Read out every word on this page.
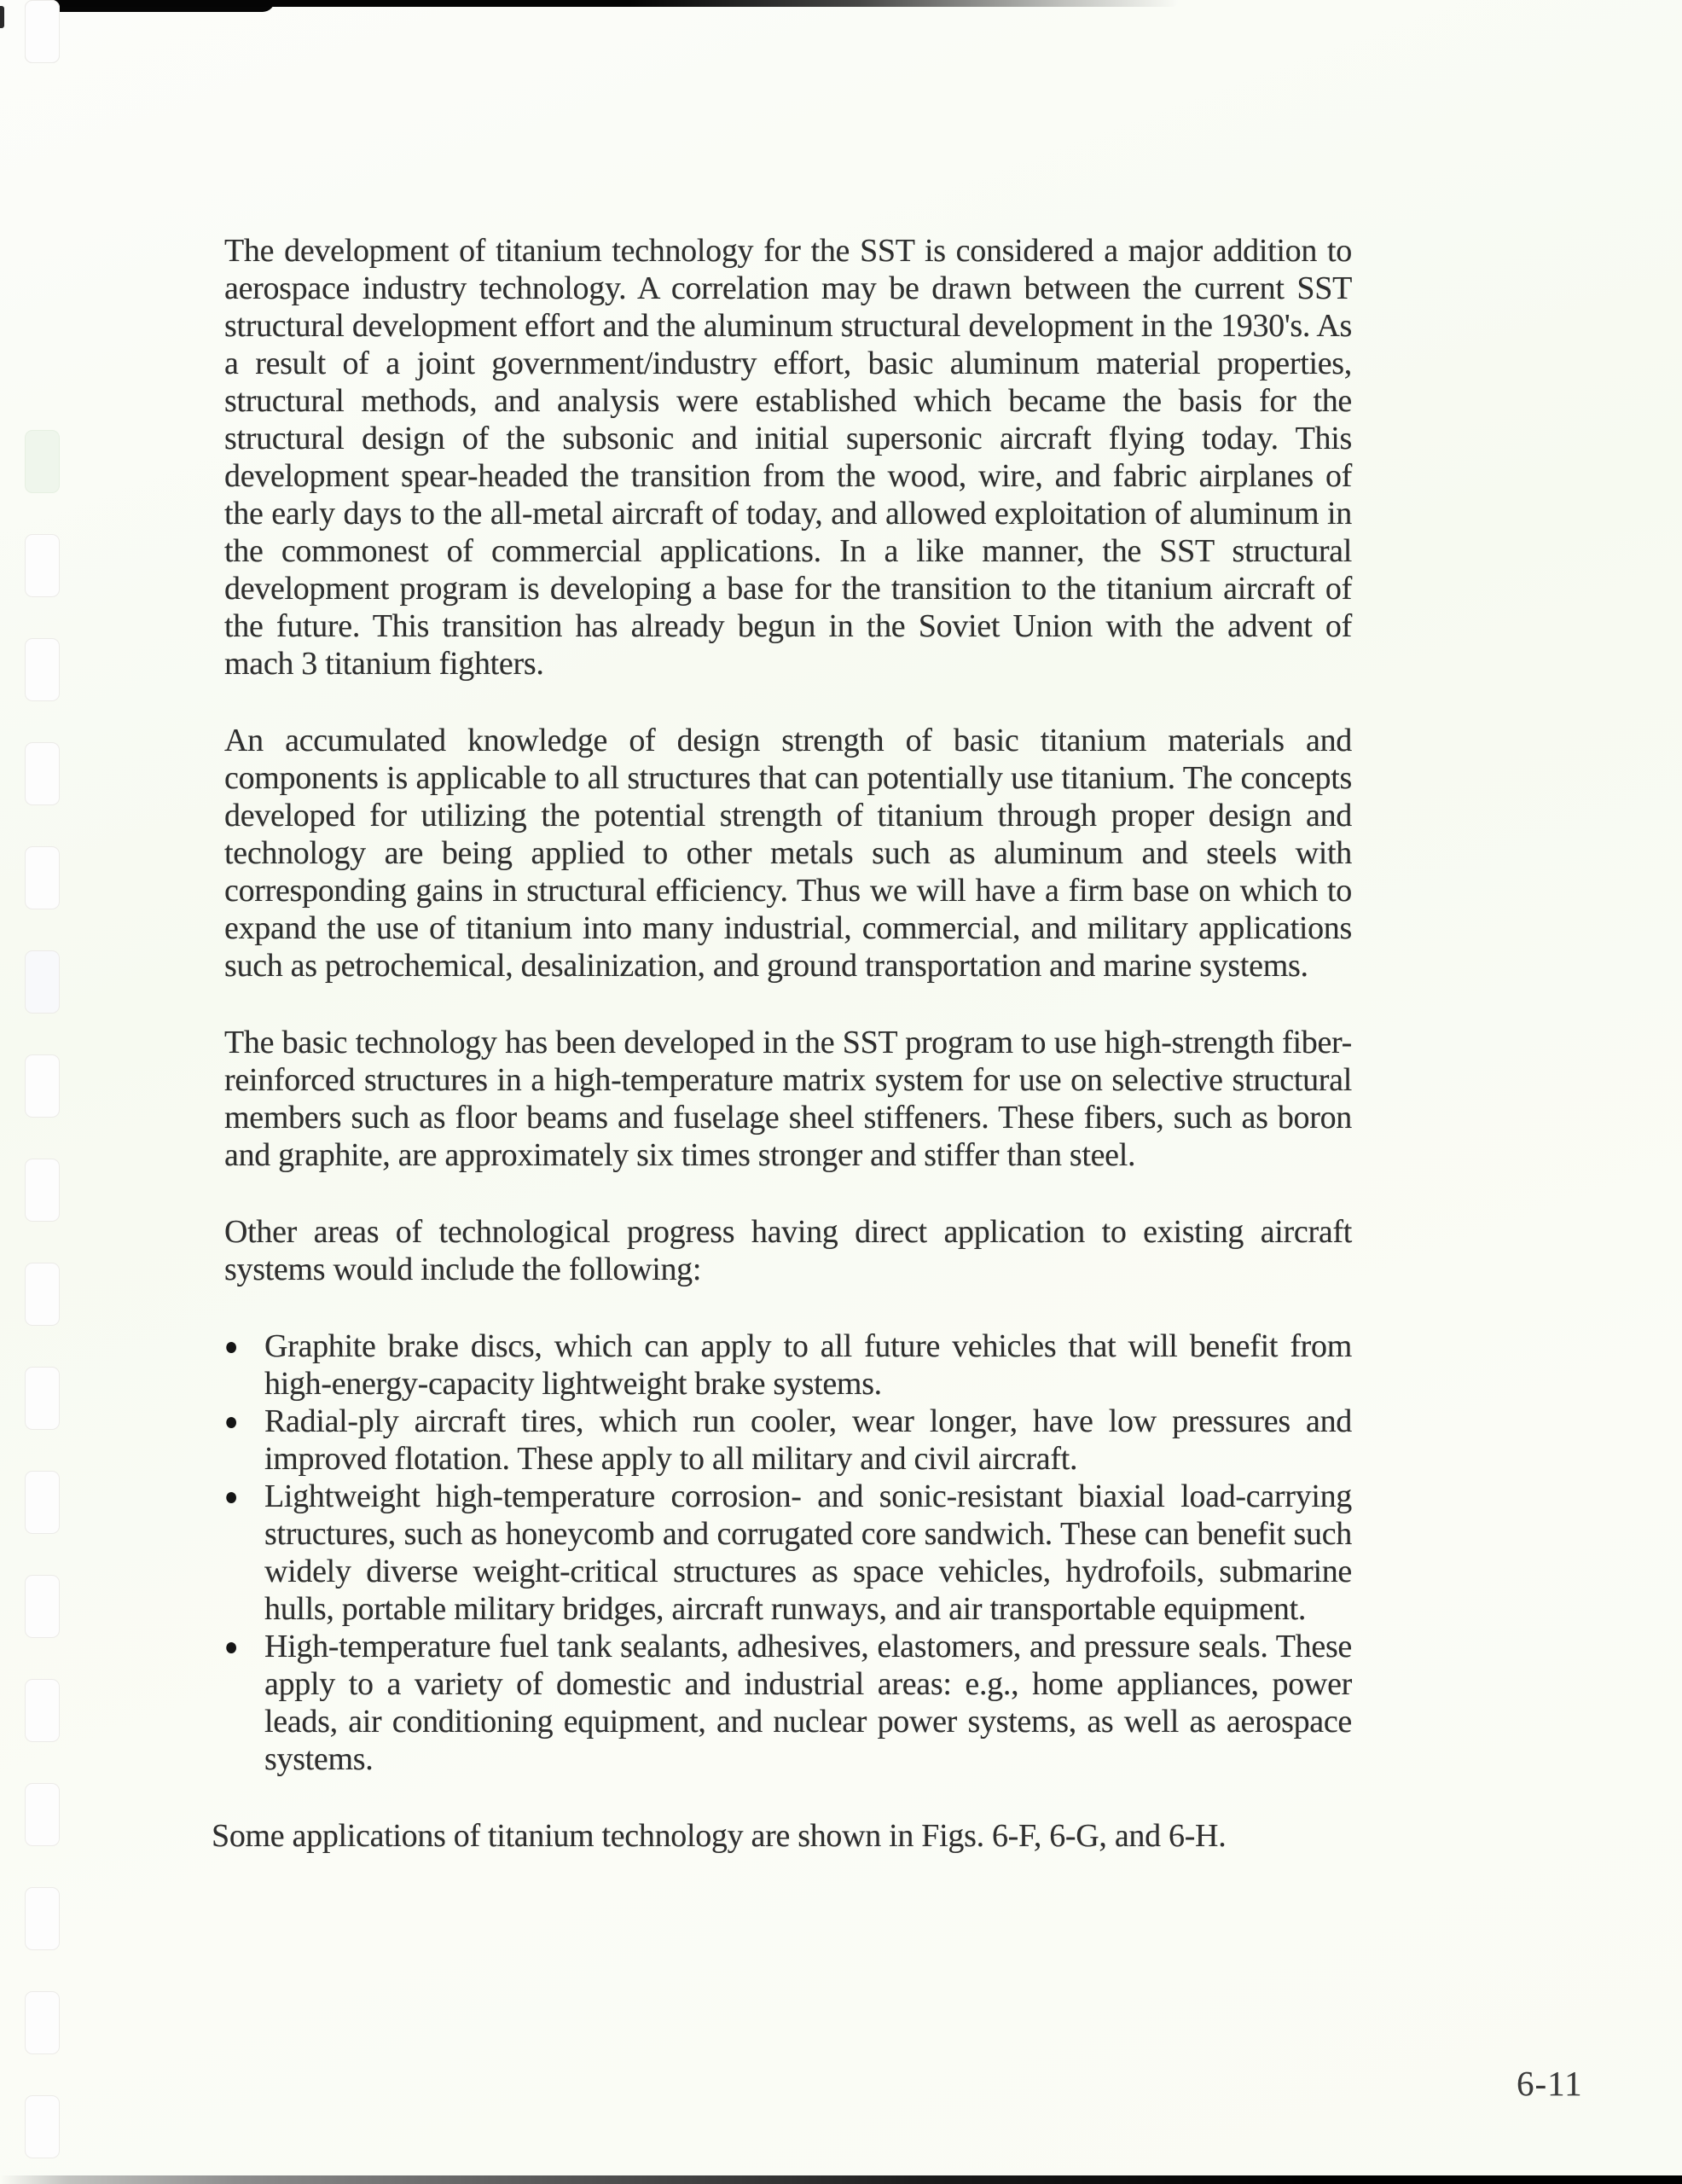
The development of titanium technology for the SST is considered a major addition to aerospace industry technology. A correlation may be drawn between the current SST structural development effort and the aluminum structural development in the 1930's. As a result of a joint government/industry effort, basic aluminum material properties, structural methods, and analysis were established which became the basis for the structural design of the subsonic and initial supersonic aircraft flying today. This development spear-headed the transition from the wood, wire, and fabric airplanes of the early days to the all-metal aircraft of today, and allowed exploitation of aluminum in the commonest of commercial applications. In a like manner, the SST structural development program is developing a base for the transition to the titanium aircraft of the future. This transition has already begun in the Soviet Union with the advent of mach 3 titanium fighters.

An accumulated knowledge of design strength of basic titanium materials and components is applicable to all structures that can potentially use titanium. The concepts developed for utilizing the potential strength of titanium through proper design and technology are being applied to other metals such as aluminum and steels with corresponding gains in structural efficiency. Thus we will have a firm base on which to expand the use of titanium into many industrial, commercial, and military applications such as petrochemical, desalinization, and ground transportation and marine systems.

The basic technology has been developed in the SST program to use high-strength fiber-reinforced structures in a high-temperature matrix system for use on selective structural members such as floor beams and fuselage sheel stiffeners. These fibers, such as boron and graphite, are approximately six times stronger and stiffer than steel.

Other areas of technological progress having direct application to existing aircraft systems would include the following:

● Graphite brake discs, which can apply to all future vehicles that will benefit from high-energy-capacity lightweight brake systems.
● Radial-ply aircraft tires, which run cooler, wear longer, have low pressures and improved flotation. These apply to all military and civil aircraft.
● Lightweight high-temperature corrosion- and sonic-resistant biaxial load-carrying structures, such as honeycomb and corrugated core sandwich. These can benefit such widely diverse weight-critical structures as space vehicles, hydrofoils, submarine hulls, portable military bridges, aircraft runways, and air transportable equipment.
● High-temperature fuel tank sealants, adhesives, elastomers, and pressure seals. These apply to a variety of domestic and industrial areas: e.g., home appliances, power leads, air conditioning equipment, and nuclear power systems, as well as aerospace systems.

Some applications of titanium technology are shown in Figs. 6-F, 6-G, and 6-H.

6-11
